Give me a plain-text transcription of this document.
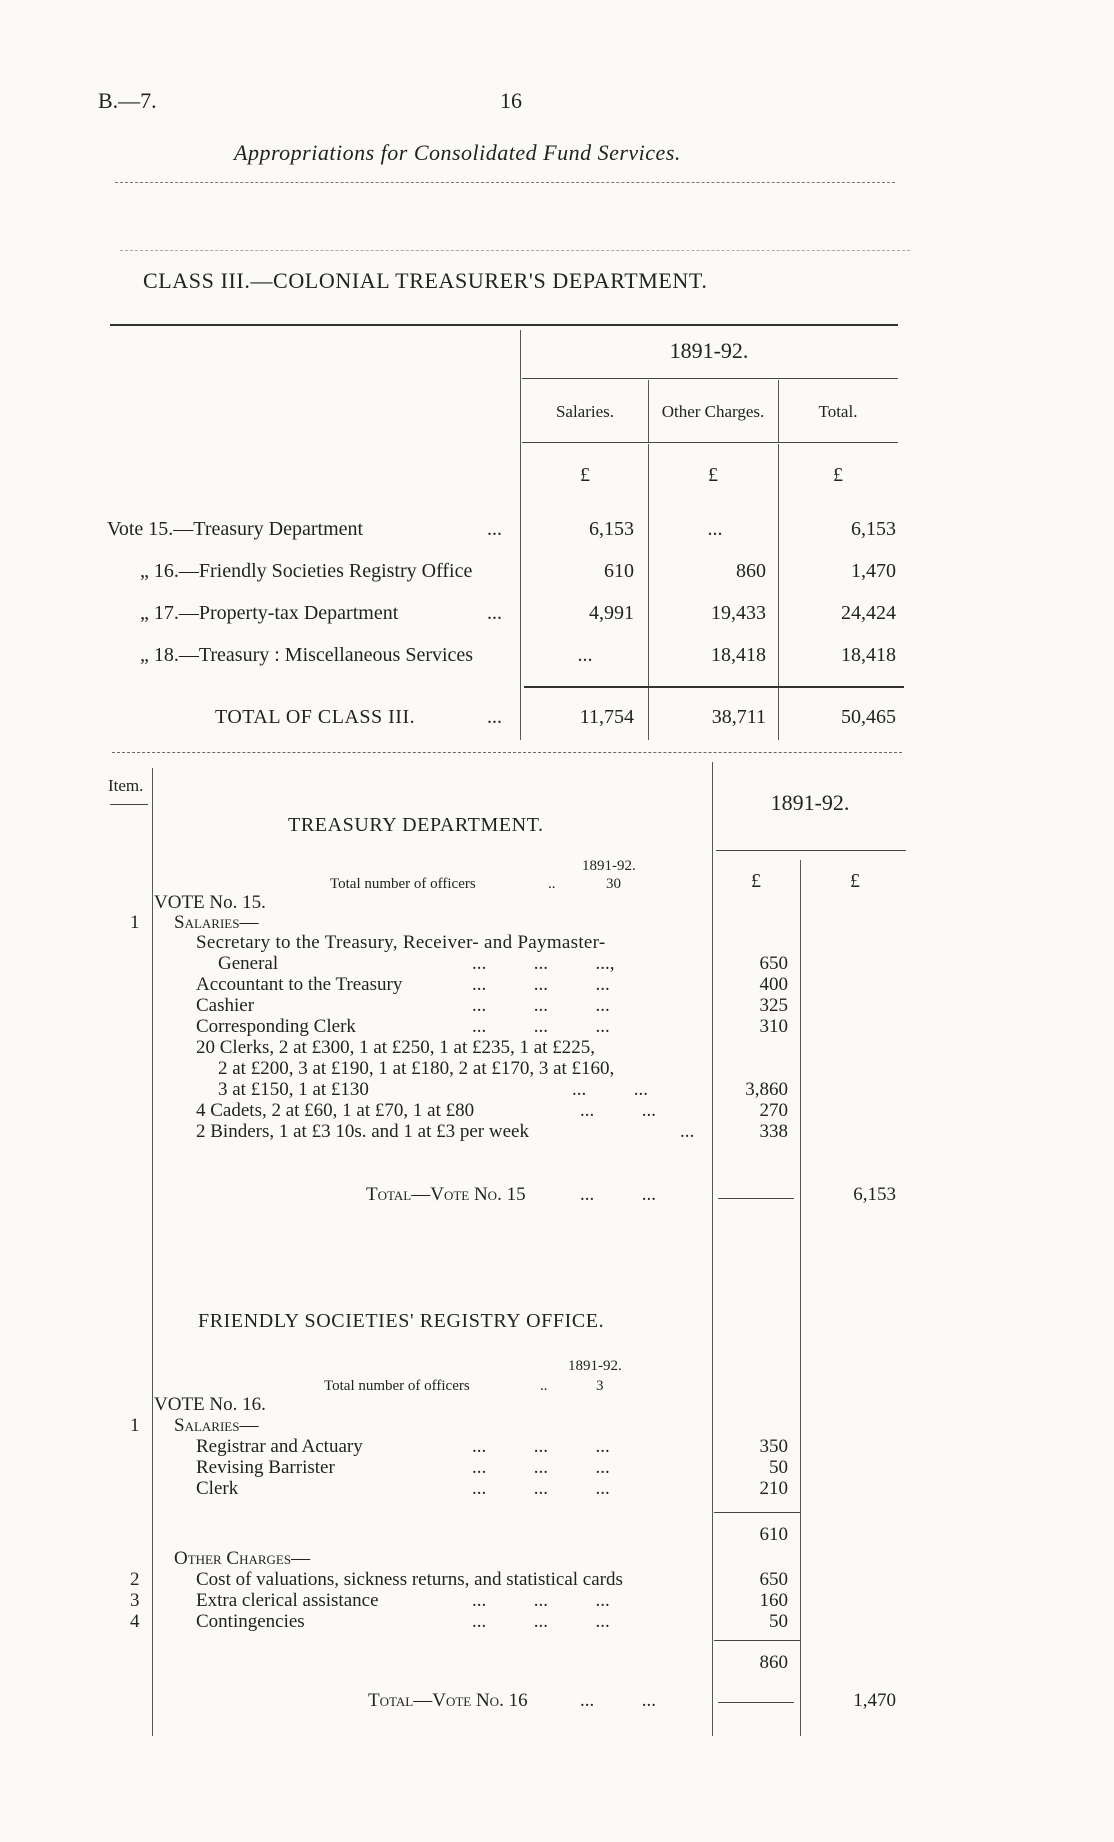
B.—7.	16
Appropriations for Consolidated Fund Services.
CLASS III.—COLONIAL TREASURER'S DEPARTMENT.
1891-92.
Salaries.	Other Charges.	Total.
£	£	£
Vote 15.—Treasury Department	...	6,153	...	6,153
„ 16.—Friendly Societies Registry Office	610	860	1,470
„ 17.—Property-tax Department	...	4,991	19,433	24,424
„ 18.—Treasury : Miscellaneous Services	...	18,418	18,418
TOTAL OF CLASS III.	...	11,754	38,711	50,465
Item.
1891-92.
£	£
TREASURY DEPARTMENT.
1891-92.
Total number of officers	..	30
VOTE No. 15.
1 Salaries—
Secretary to the Treasury, Receiver- and Paymaster-
General	...          ...          ...,	650
Accountant to the Treasury	...          ...          ...	400
Cashier	...          ...          ...	325
Corresponding Clerk	...          ...          ...	310
20 Clerks, 2 at £300, 1 at £250, 1 at £235, 1 at £225,
2 at £200, 3 at £190, 1 at £180, 2 at £170, 3 at £160,
3 at £150, 1 at £130	...          ...	3,860
4 Cadets, 2 at £60, 1 at £70, 1 at £80	...          ...	270
2 Binders, 1 at £3 10s. and 1 at £3 per week	...	338
Total—Vote No. 15	...          ...	6,153
FRIENDLY SOCIETIES' REGISTRY OFFICE.
1891-92.
Total number of officers	..	3
VOTE No. 16.
1 Salaries—
Registrar and Actuary	...          ...          ...	350
Revising Barrister	...          ...          ...	50
Clerk	...          ...          ...	210
610
Other Charges—
2	Cost of valuations, sickness returns, and statistical cards	650
3	Extra clerical assistance	...          ...          ...	160
4	Contingencies	...          ...          ...	50
860
Total—Vote No. 16	...          ...	1,470
